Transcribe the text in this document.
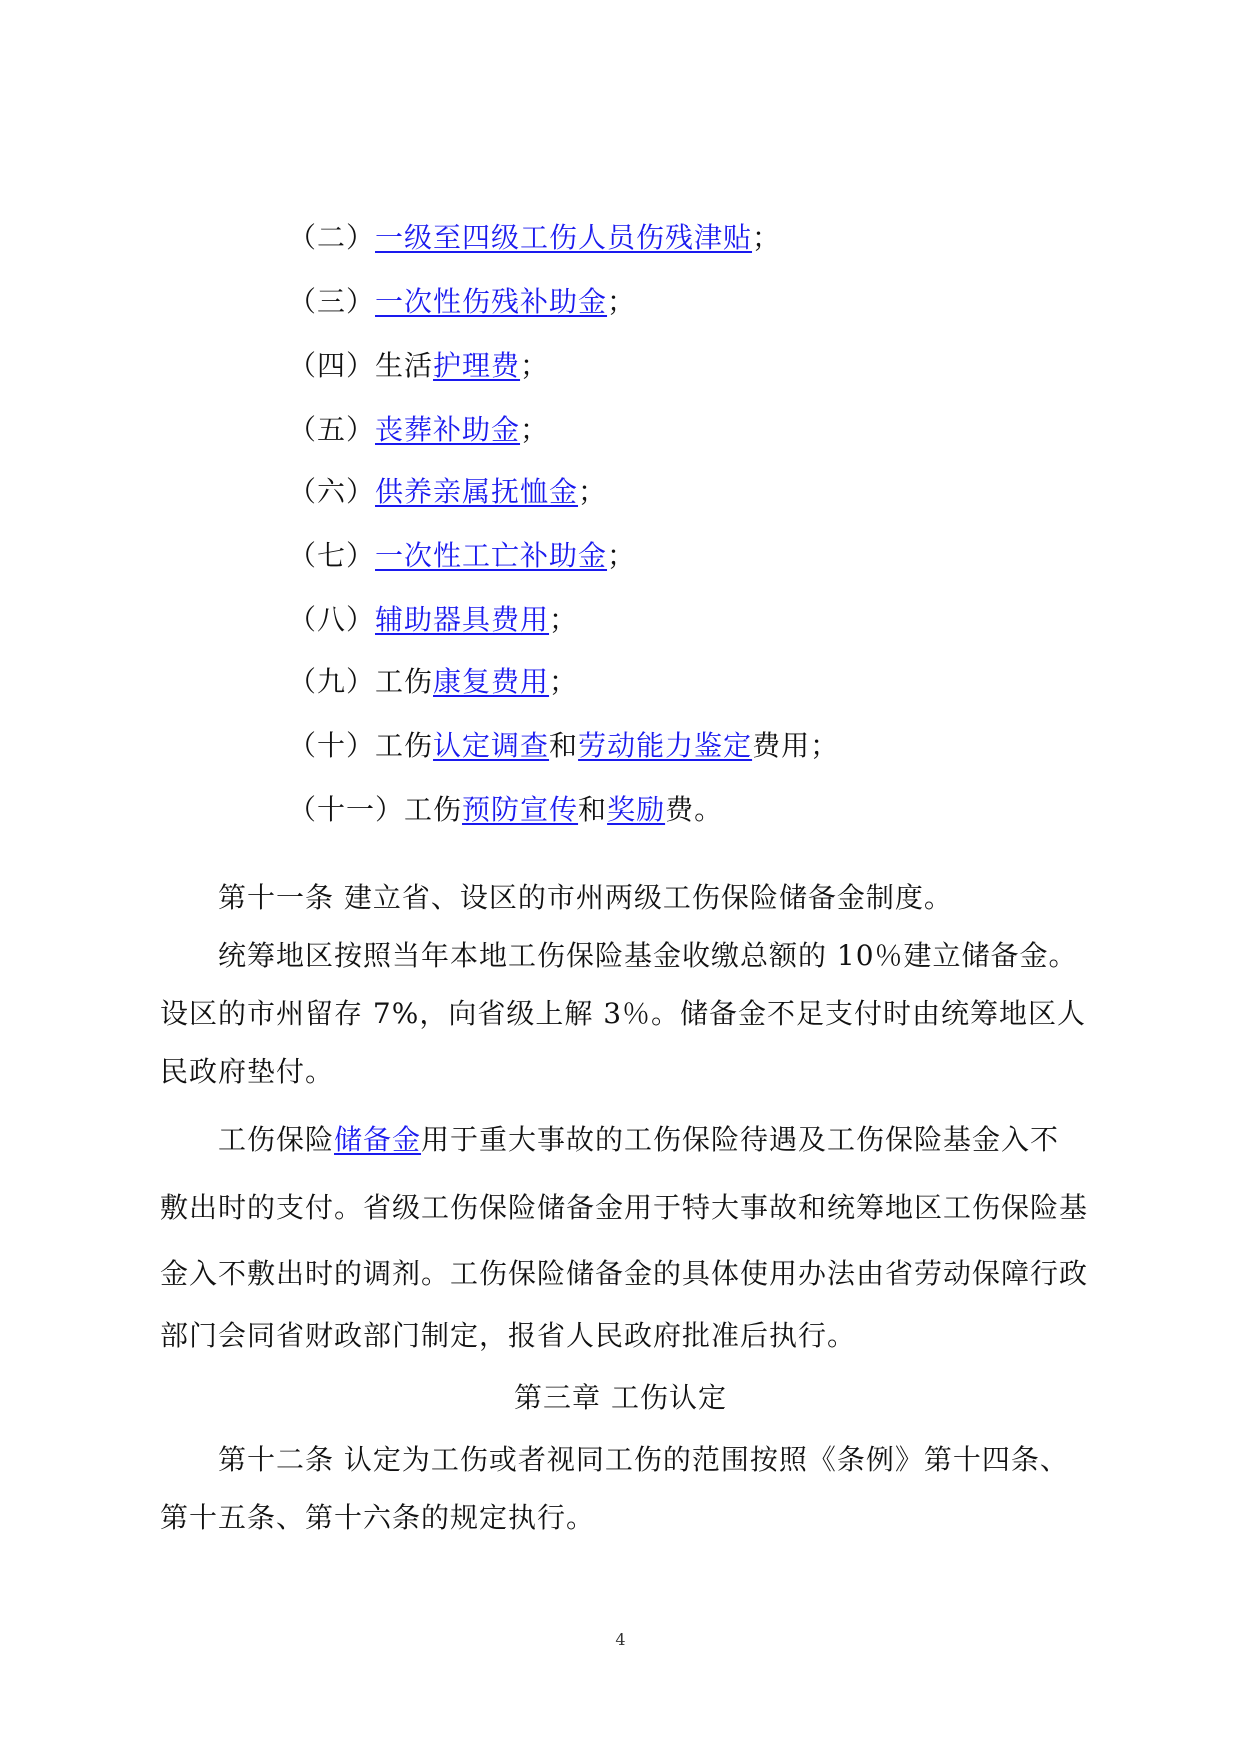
（二）一级至四级工伤人员伤残津贴；
（三）一次性伤残补助金；
（四）生活护理费；
（五）丧葬补助金；
（六）供养亲属抚恤金；
（七）一次性工亡补助金；
（八）辅助器具费用；
（九）工伤康复费用；
（十）工伤认定调查和劳动能力鉴定费用；
（十一）工伤预防宣传和奖励费。
第十一条 建立省、设区的市州两级工伤保险储备金制度。
统筹地区按照当年本地工伤保险基金收缴总额的 10％建立储备金。
设区的市州留存 7%，向省级上解 3％。储备金不足支付时由统筹地区人
民政府垫付。
工伤保险储备金用于重大事故的工伤保险待遇及工伤保险基金入不
敷出时的支付。省级工伤保险储备金用于特大事故和统筹地区工伤保险基
金入不敷出时的调剂。工伤保险储备金的具体使用办法由省劳动保障行政
部门会同省财政部门制定，报省人民政府批准后执行。
第三章 工伤认定
第十二条 认定为工伤或者视同工伤的范围按照《条例》第十四条、
第十五条、第十六条的规定执行。
4
